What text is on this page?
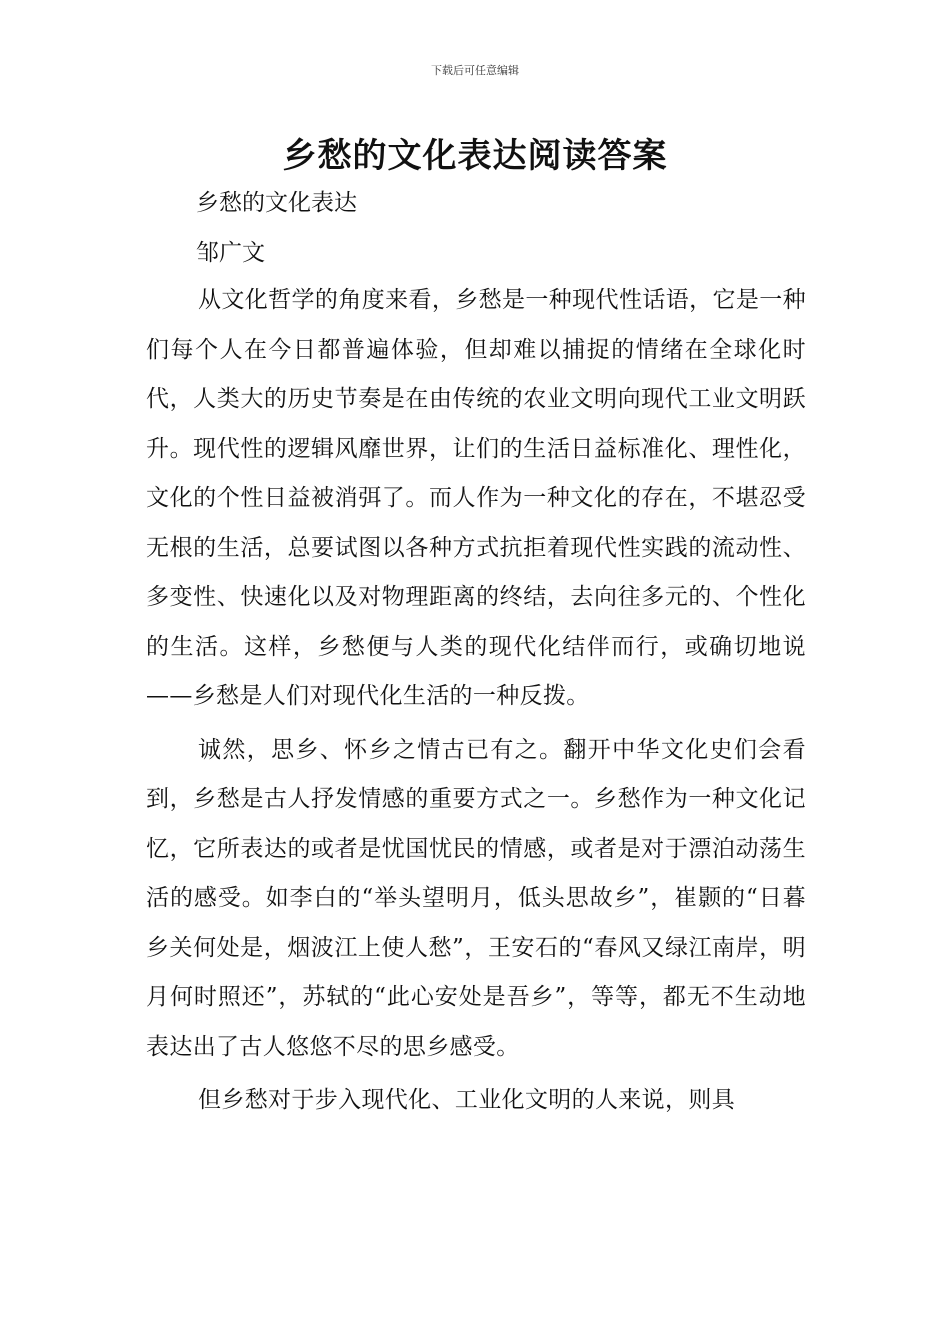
下载后可任意编辑
乡愁的文化表达阅读答案
乡愁的文化表达
邹广文

从文化哲学的角度来看，乡愁是一种现代性话语，它是一种们每个人在今日都普遍体验，但却难以捕捉的情绪在全球化时代，人类大的历史节奏是在由传统的农业文明向现代工业文明跃升。现代性的逻辑风靡世界，让们的生活日益标准化、理性化，文化的个性日益被消弭了。而人作为一种文化的存在，不堪忍受无根的生活，总要试图以各种方式抗拒着现代性实践的流动性、多变性、快速化以及对物理距离的终结，去向往多元的、个性化的生活。这样，乡愁便与人类的现代化结伴而行，或确切地说——乡愁是人们对现代化生活的一种反拨。

诚然，思乡、怀乡之情古已有之。翻开中华文化史们会看到，乡愁是古人抒发情感的重要方式之一。乡愁作为一种文化记忆，它所表达的或者是忧国忧民的情感，或者是对于漂泊动荡生活的感受。如李白的“举头望明月，低头思故乡”，崔颢的“日暮乡关何处是，烟波江上使人愁”，王安石的“春风又绿江南岸，明月何时照还”，苏轼的“此心安处是吾乡”，等等，都无不生动地表达出了古人悠悠不尽的思乡感受。

但乡愁对于步入现代化、工业化文明的人来说，则具
